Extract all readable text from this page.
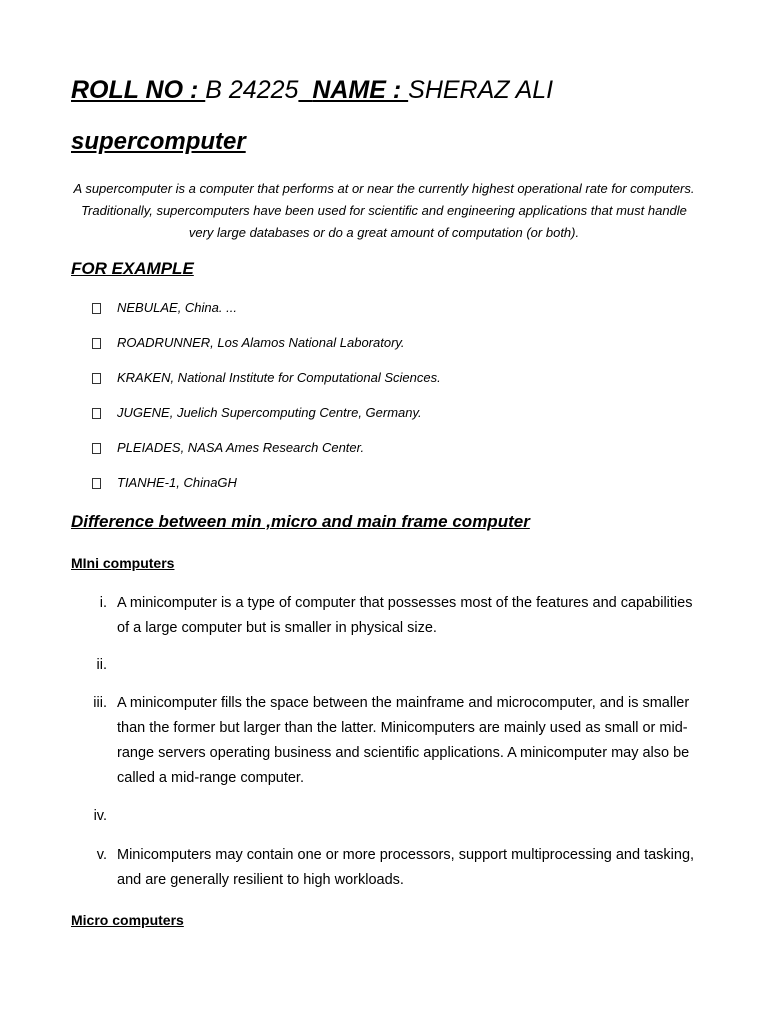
ROLL NO : B 24225 NAME : SHERAZ ALI
supercomputer
A supercomputer is a computer that performs at or near the currently highest operational rate for computers. Traditionally, supercomputers have been used for scientific and engineering applications that must handle very large databases or do a great amount of computation (or both).
FOR EXAMPLE
NEBULAE, China. ...
ROADRUNNER, Los Alamos National Laboratory.
KRAKEN, National Institute for Computational Sciences.
JUGENE, Juelich Supercomputing Centre, Germany.
PLEIADES, NASA Ames Research Center.
TIANHE-1, ChinaGH
Difference between min ,micro and main frame computer
MIni computers
i. A minicomputer is a type of computer that possesses most of the features and capabilities of a large computer but is smaller in physical size.
ii.

iii. A minicomputer fills the space between the mainframe and microcomputer, and is smaller than the former but larger than the latter. Minicomputers are mainly used as small or mid-range servers operating business and scientific applications. A minicomputer may also be called a mid-range computer.
iv.

v. Minicomputers may contain one or more processors, support multiprocessing and tasking, and are generally resilient to high workloads.
Micro computers
